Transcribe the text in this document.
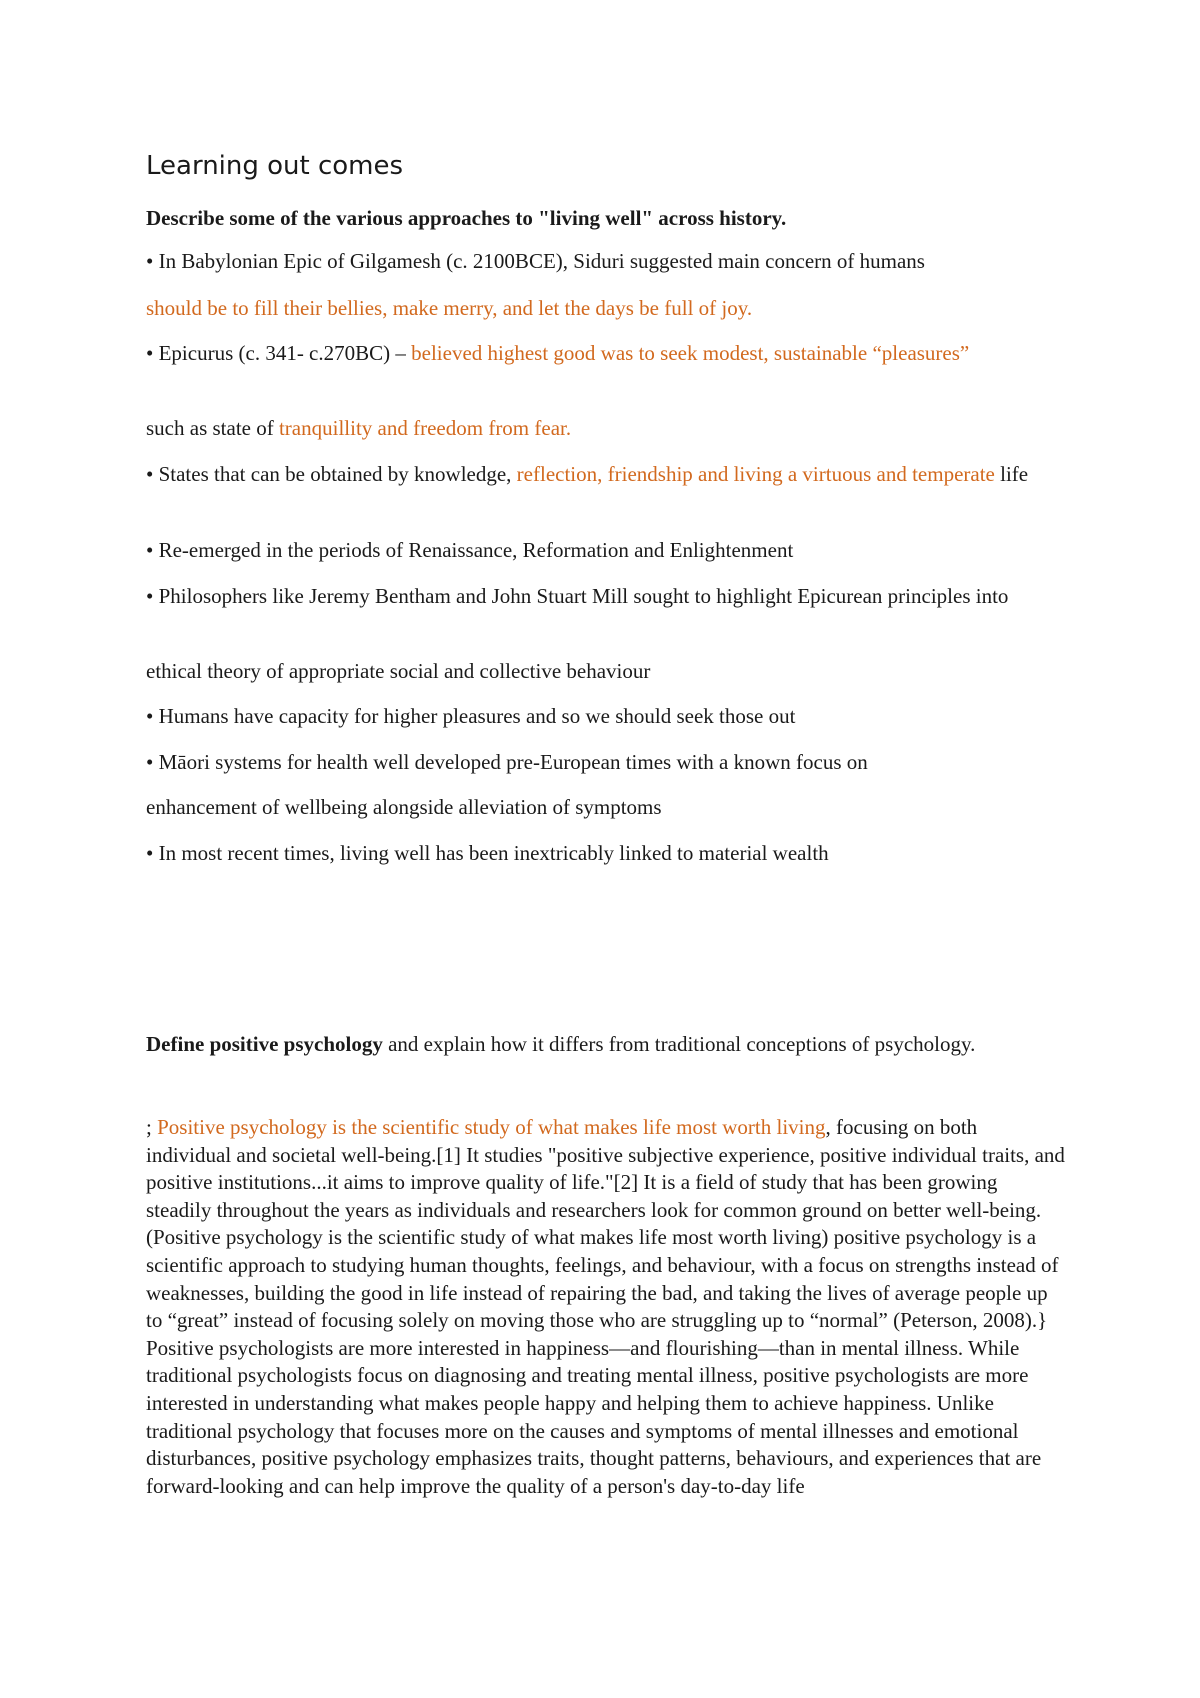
Learning out comes

Describe some of the various approaches to "living well" across history.

• In Babylonian Epic of Gilgamesh (c. 2100BCE), Siduri suggested main concern of humans

should be to fill their bellies, make merry, and let the days be full of joy.

• Epicurus (c. 341- c.270BC) – believed highest good was to seek modest, sustainable “pleasures”

such as state of tranquillity and freedom from fear.

• States that can be obtained by knowledge, reflection, friendship and living a virtuous and temperate life

• Re-emerged in the periods of Renaissance, Reformation and Enlightenment

• Philosophers like Jeremy Bentham and John Stuart Mill sought to highlight Epicurean principles into

ethical theory of appropriate social and collective behaviour

• Humans have capacity for higher pleasures and so we should seek those out

• Māori systems for health well developed pre-European times with a known focus on

enhancement of wellbeing alongside alleviation of symptoms

• In most recent times, living well has been inextricably linked to material wealth

Define positive psychology and explain how it differs from traditional conceptions of psychology.

; Positive psychology is the scientific study of what makes life most worth living, focusing on both individual and societal well-being.[1] It studies "positive subjective experience, positive individual traits, and positive institutions...it aims to improve quality of life."[2] It is a field of study that has been growing steadily throughout the years as individuals and researchers look for common ground on better well-being. (Positive psychology is the scientific study of what makes life most worth living) positive psychology is a scientific approach to studying human thoughts, feelings, and behaviour, with a focus on strengths instead of weaknesses, building the good in life instead of repairing the bad, and taking the lives of average people up to “great” instead of focusing solely on moving those who are struggling up to “normal” (Peterson, 2008).} Positive psychologists are more interested in happiness—and flourishing—than in mental illness. While traditional psychologists focus on diagnosing and treating mental illness, positive psychologists are more interested in understanding what makes people happy and helping them to achieve happiness. Unlike traditional psychology that focuses more on the causes and symptoms of mental illnesses and emotional disturbances, positive psychology emphasizes traits, thought patterns, behaviours, and experiences that are forward-looking and can help improve the quality of a person's day-to-day life
